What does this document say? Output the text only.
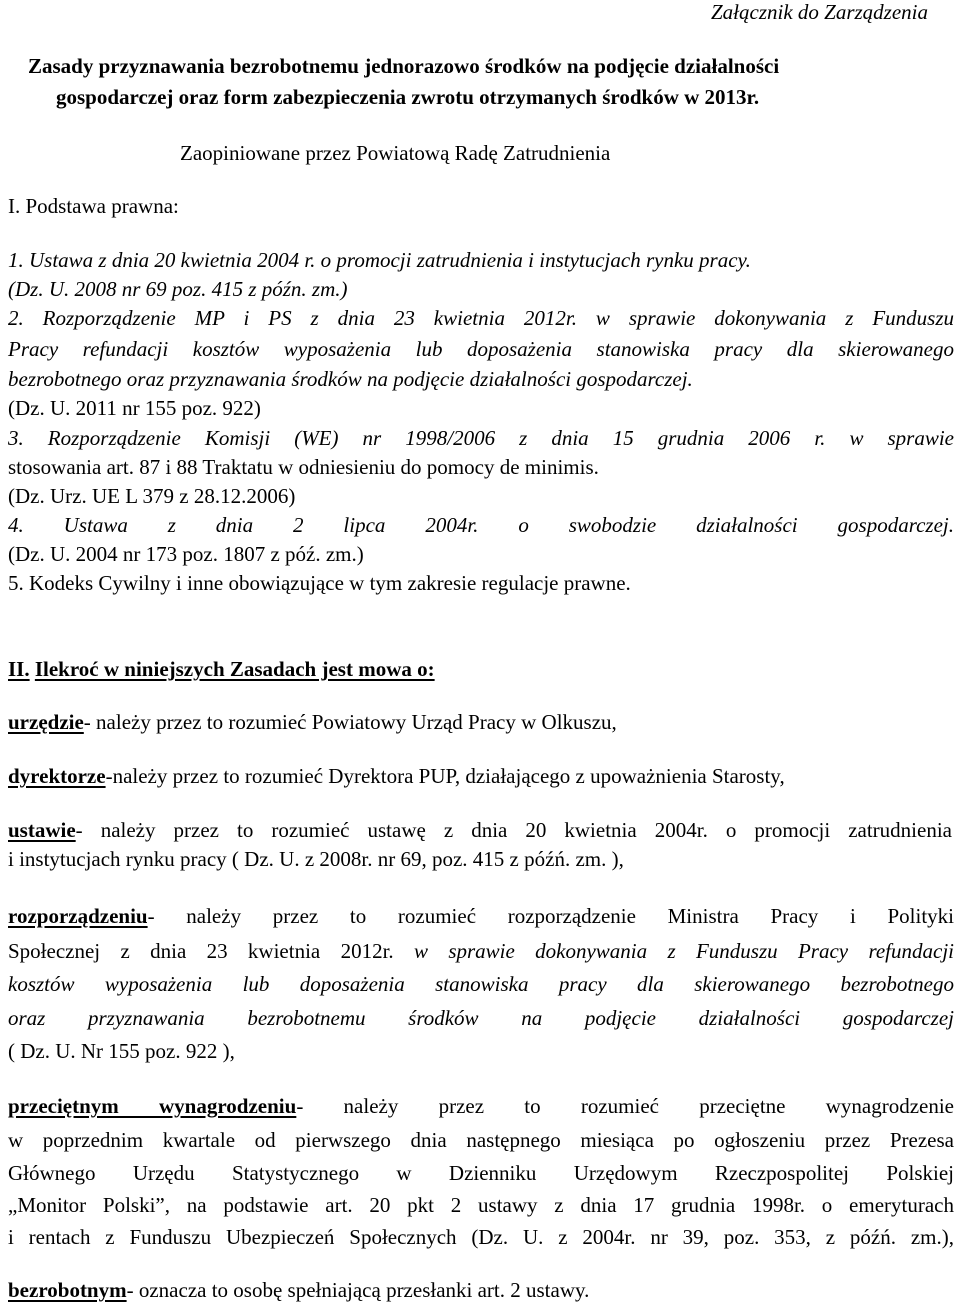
Załącznik do Zarządzenia
Zasady przyznawania bezrobotnemu jednorazowo środków na podjęcie działalności
gospodarczej oraz form zabezpieczenia zwrotu otrzymanych środków w 2013r.
Zaopiniowane przez Powiatową Radę Zatrudnienia
I. Podstawa prawna:
1. Ustawa z dnia 20 kwietnia 2004 r. o promocji zatrudnienia i instytucjach rynku pracy.
(Dz. U. 2008 nr 69 poz. 415 z późn. zm.)
2. Rozporządzenie MP i PS z dnia 23 kwietnia 2012r. w sprawie dokonywania z Funduszu
Pracy refundacji kosztów wyposażenia lub doposażenia stanowiska pracy dla skierowanego
bezrobotnego oraz przyznawania środków na podjęcie działalności gospodarczej.
(Dz. U. 2011 nr 155 poz. 922)
3. Rozporządzenie Komisji (WE) nr 1998/2006 z dnia 15 grudnia 2006 r. w sprawie
stosowania art. 87 i 88 Traktatu w odniesieniu do pomocy de minimis.
(Dz. Urz. UE L 379 z 28.12.2006)
4. Ustawa z dnia 2 lipca 2004r. o swobodzie działalności gospodarczej.
(Dz. U. 2004 nr 173 poz. 1807 z póź. zm.)
5. Kodeks Cywilny i inne obowiązujące w tym zakresie regulacje prawne.
II. Ilekroć w niniejszych Zasadach jest mowa o:
urzędzie- należy przez to rozumieć Powiatowy Urząd Pracy w Olkuszu,
dyrektorze-należy przez to rozumieć Dyrektora PUP, działającego z upoważnienia Starosty,
ustawie- należy przez to rozumieć ustawę z dnia 20 kwietnia 2004r. o promocji zatrudnienia
i instytucjach rynku pracy ( Dz. U. z 2008r. nr 69, poz. 415 z późń. zm. ),
rozporządzeniu- należy przez to rozumieć rozporządzenie Ministra Pracy i Polityki
Społecznej z dnia 23 kwietnia 2012r. w sprawie dokonywania z Funduszu Pracy refundacji
kosztów wyposażenia lub doposażenia stanowiska pracy dla skierowanego bezrobotnego
oraz przyznawania bezrobotnemu środków na podjęcie działalności gospodarczej
( Dz. U. Nr 155 poz. 922 ),
przeciętnym wynagrodzeniu- należy przez to rozumieć przeciętne wynagrodzenie
w poprzednim kwartale od pierwszego dnia następnego miesiąca po ogłoszeniu przez Prezesa
Głównego Urzędu Statystycznego w Dzienniku Urzędowym Rzeczpospolitej Polskiej
„Monitor Polski”, na podstawie art. 20 pkt 2 ustawy z dnia 17 grudnia 1998r. o emeryturach
i rentach z Funduszu Ubezpieczeń Społecznych (Dz. U. z 2004r. nr 39, poz. 353, z późń. zm.),
bezrobotnym- oznacza to osobę spełniającą przesłanki art. 2 ustawy.
